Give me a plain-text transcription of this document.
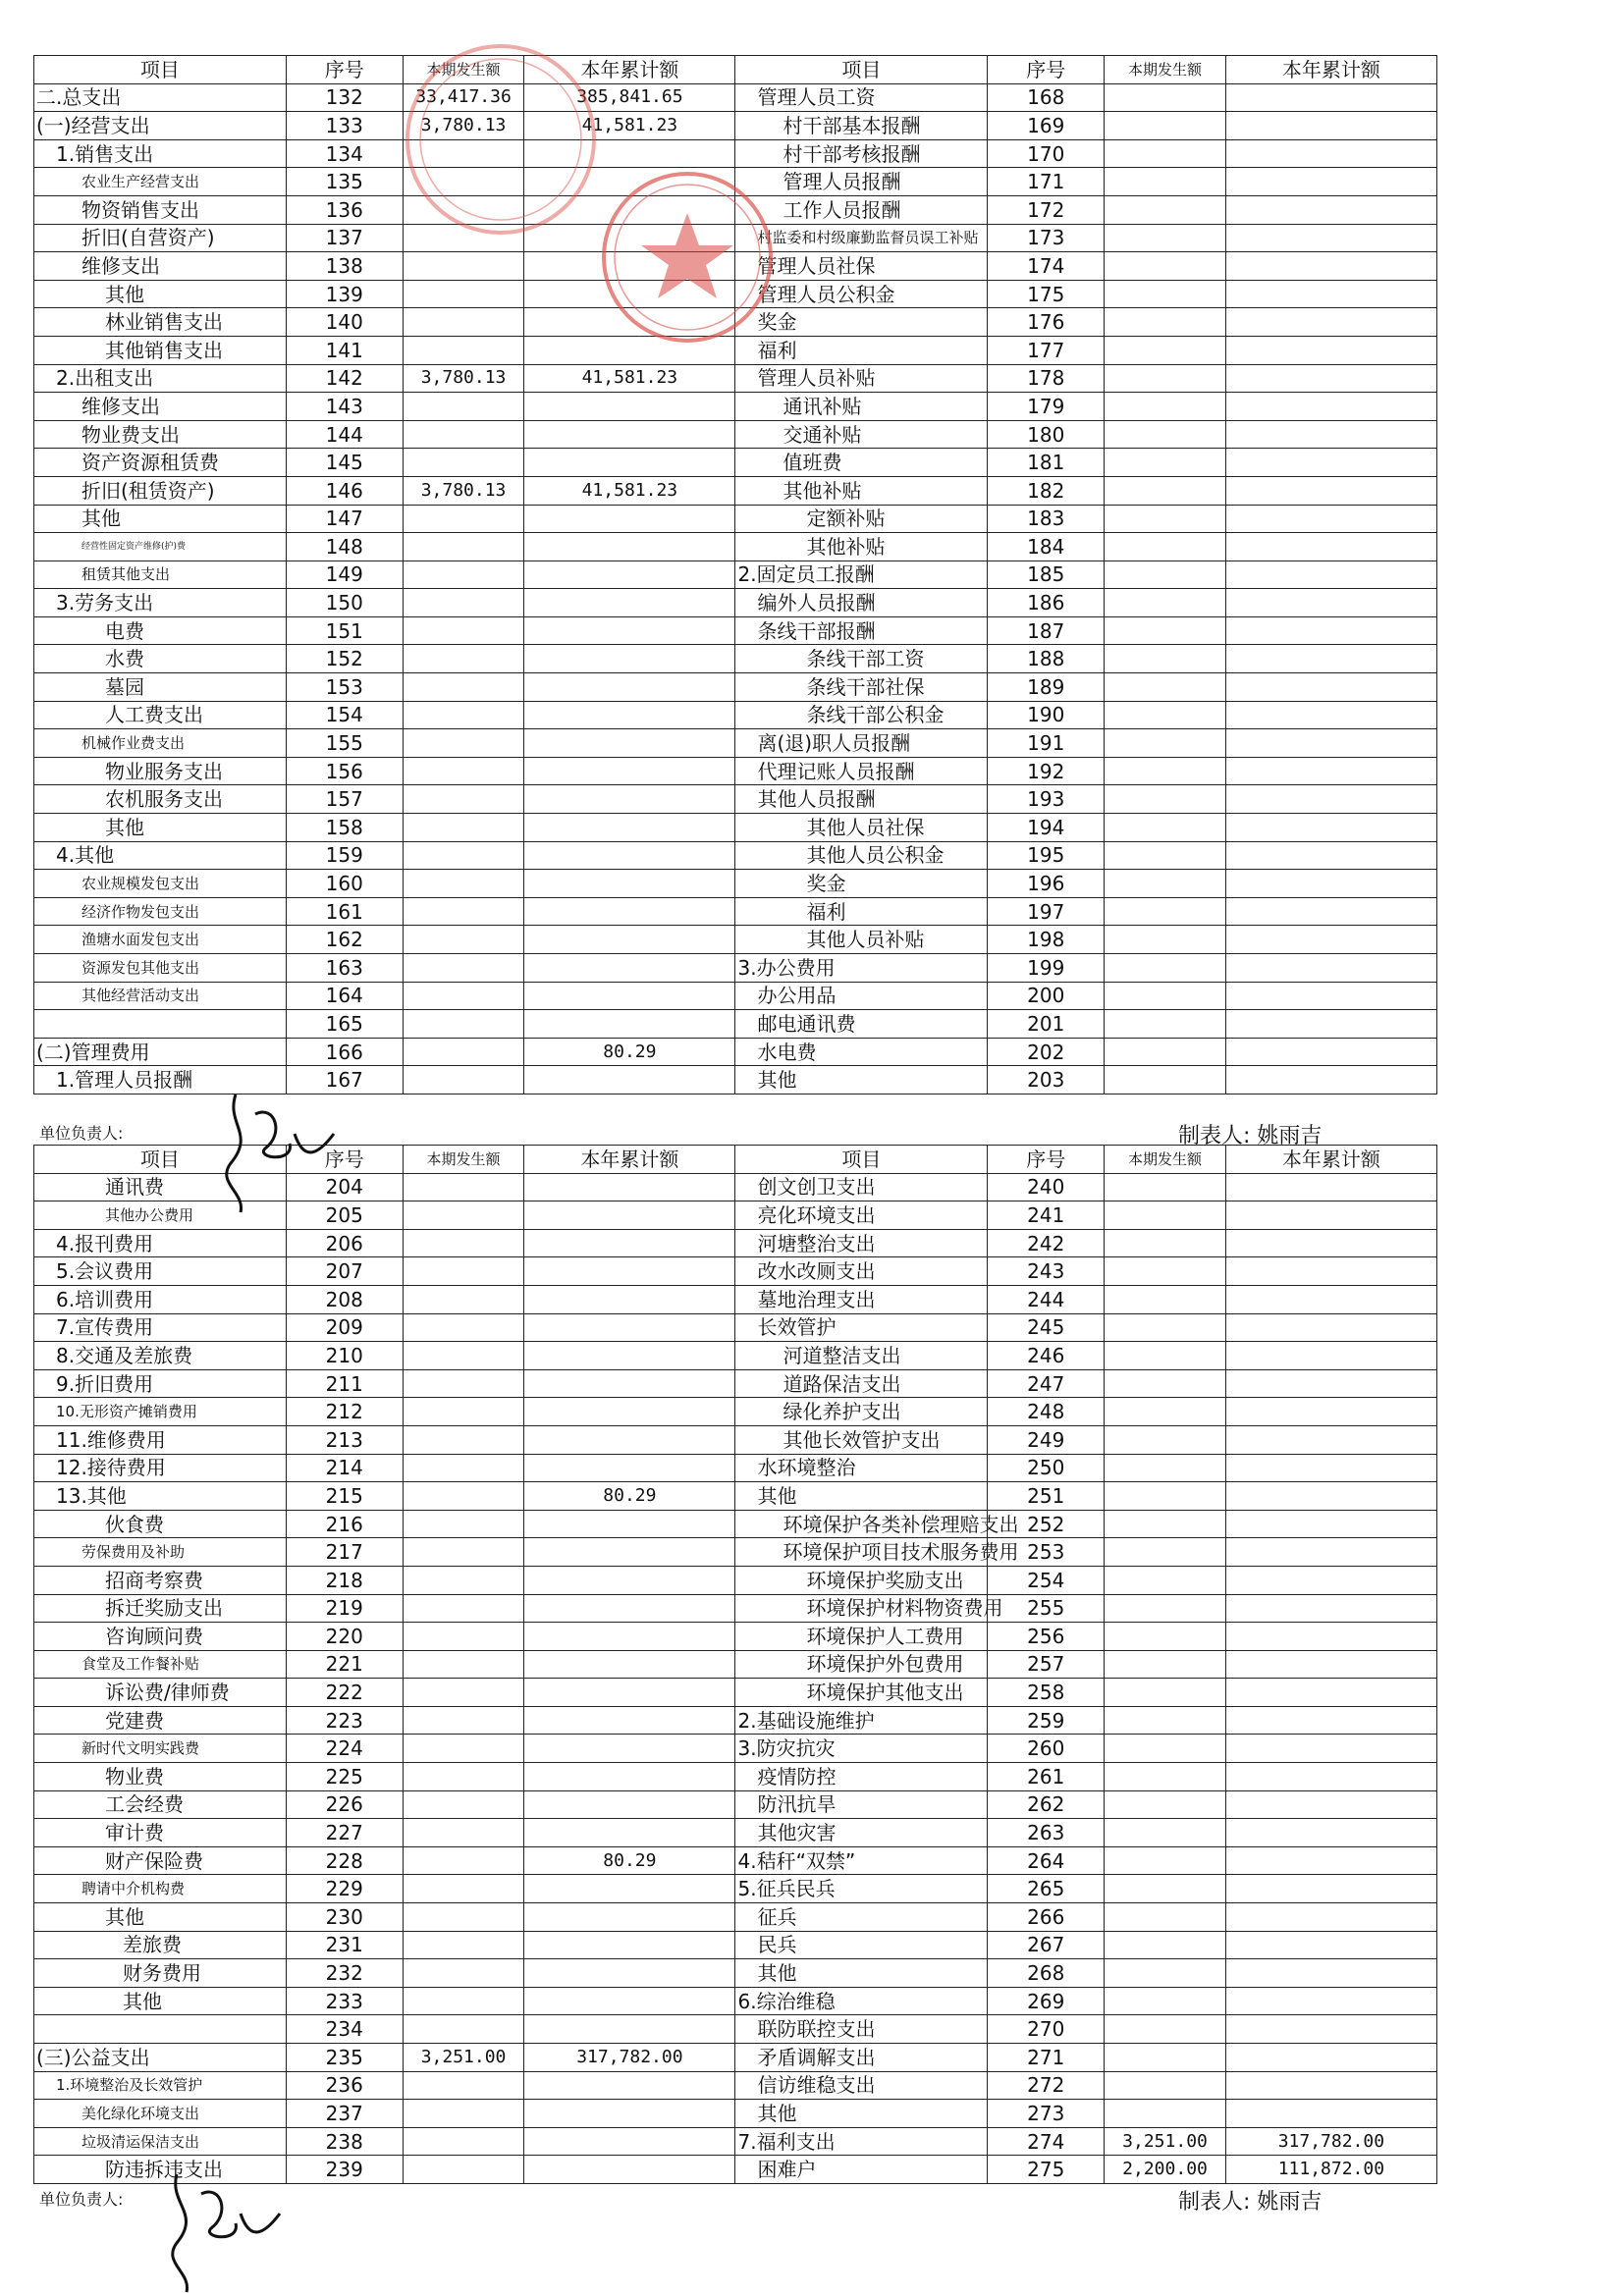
项目	序号	本期发生额	本年累计额	项目	序号	本期发生额	本年累计额
二.总支出	132	33,417.36	385,841.65	管理人员工资	168		
(一)经营支出	133	3,780.13	41,581.23	村干部基本报酬	169		
1.销售支出	134			村干部考核报酬	170		
农业生产经营支出	135			管理人员报酬	171		
物资销售支出	136			工作人员报酬	172		
折旧(自营资产)	137			村监委和村级廉勤监督员误工补贴	173		
维修支出	138			管理人员社保	174		
其他	139			管理人员公积金	175		
林业销售支出	140			奖金	176		
其他销售支出	141			福利	177		
2.出租支出	142	3,780.13	41,581.23	管理人员补贴	178		
维修支出	143			通讯补贴	179		
物业费支出	144			交通补贴	180		
资产资源租赁费	145			值班费	181		
折旧(租赁资产)	146	3,780.13	41,581.23	其他补贴	182		
其他	147			定额补贴	183		
经营性固定资产维修(护)费	148			其他补贴	184		
租赁其他支出	149			2.固定员工报酬	185		
3.劳务支出	150			编外人员报酬	186		
电费	151			条线干部报酬	187		
水费	152			条线干部工资	188		
墓园	153			条线干部社保	189		
人工费支出	154			条线干部公积金	190		
机械作业费支出	155			离(退)职人员报酬	191		
物业服务支出	156			代理记账人员报酬	192		
农机服务支出	157			其他人员报酬	193		
其他	158			其他人员社保	194		
4.其他	159			其他人员公积金	195		
农业规模发包支出	160			奖金	196		
经济作物发包支出	161			福利	197		
渔塘水面发包支出	162			其他人员补贴	198		
资源发包其他支出	163			3.办公费用	199		
其他经营活动支出	164			办公用品	200		
	165			邮电通讯费	201		
(二)管理费用	166		80.29	水电费	202		
1.管理人员报酬	167			其他	203		
单位负责人:	制表人: 姚雨吉
项目	序号	本期发生额	本年累计额	项目	序号	本期发生额	本年累计额
通讯费	204			创文创卫支出	240		
其他办公费用	205			亮化环境支出	241		
4.报刊费用	206			河塘整治支出	242		
5.会议费用	207			改水改厕支出	243		
6.培训费用	208			墓地治理支出	244		
7.宣传费用	209			长效管护	245		
8.交通及差旅费	210			河道整洁支出	246		
9.折旧费用	211			道路保洁支出	247		
10.无形资产摊销费用	212			绿化养护支出	248		
11.维修费用	213			其他长效管护支出	249		
12.接待费用	214			水环境整治	250		
13.其他	215		80.29	其他	251		
伙食费	216			环境保护各类补偿理赔支出	252		
劳保费用及补助	217			环境保护项目技术服务费用	253		
招商考察费	218			环境保护奖励支出	254		
拆迁奖励支出	219			环境保护材料物资费用	255		
咨询顾问费	220			环境保护人工费用	256		
食堂及工作餐补贴	221			环境保护外包费用	257		
诉讼费/律师费	222			环境保护其他支出	258		
党建费	223			2.基础设施维护	259		
新时代文明实践费	224			3.防灾抗灾	260		
物业费	225			疫情防控	261		
工会经费	226			防汛抗旱	262		
审计费	227			其他灾害	263		
财产保险费	228		80.29	4.秸秆“双禁”	264		
聘请中介机构费	229			5.征兵民兵	265		
其他	230			征兵	266		
差旅费	231			民兵	267		
财务费用	232			其他	268		
其他	233			6.综治维稳	269		
	234			联防联控支出	270		
(三)公益支出	235	3,251.00	317,782.00	矛盾调解支出	271		
1.环境整治及长效管护	236			信访维稳支出	272		
美化绿化环境支出	237			其他	273		
垃圾清运保洁支出	238			7.福利支出	274	3,251.00	317,782.00
防违拆违支出	239			困难户	275	2,200.00	111,872.00
单位负责人:	制表人: 姚雨吉
